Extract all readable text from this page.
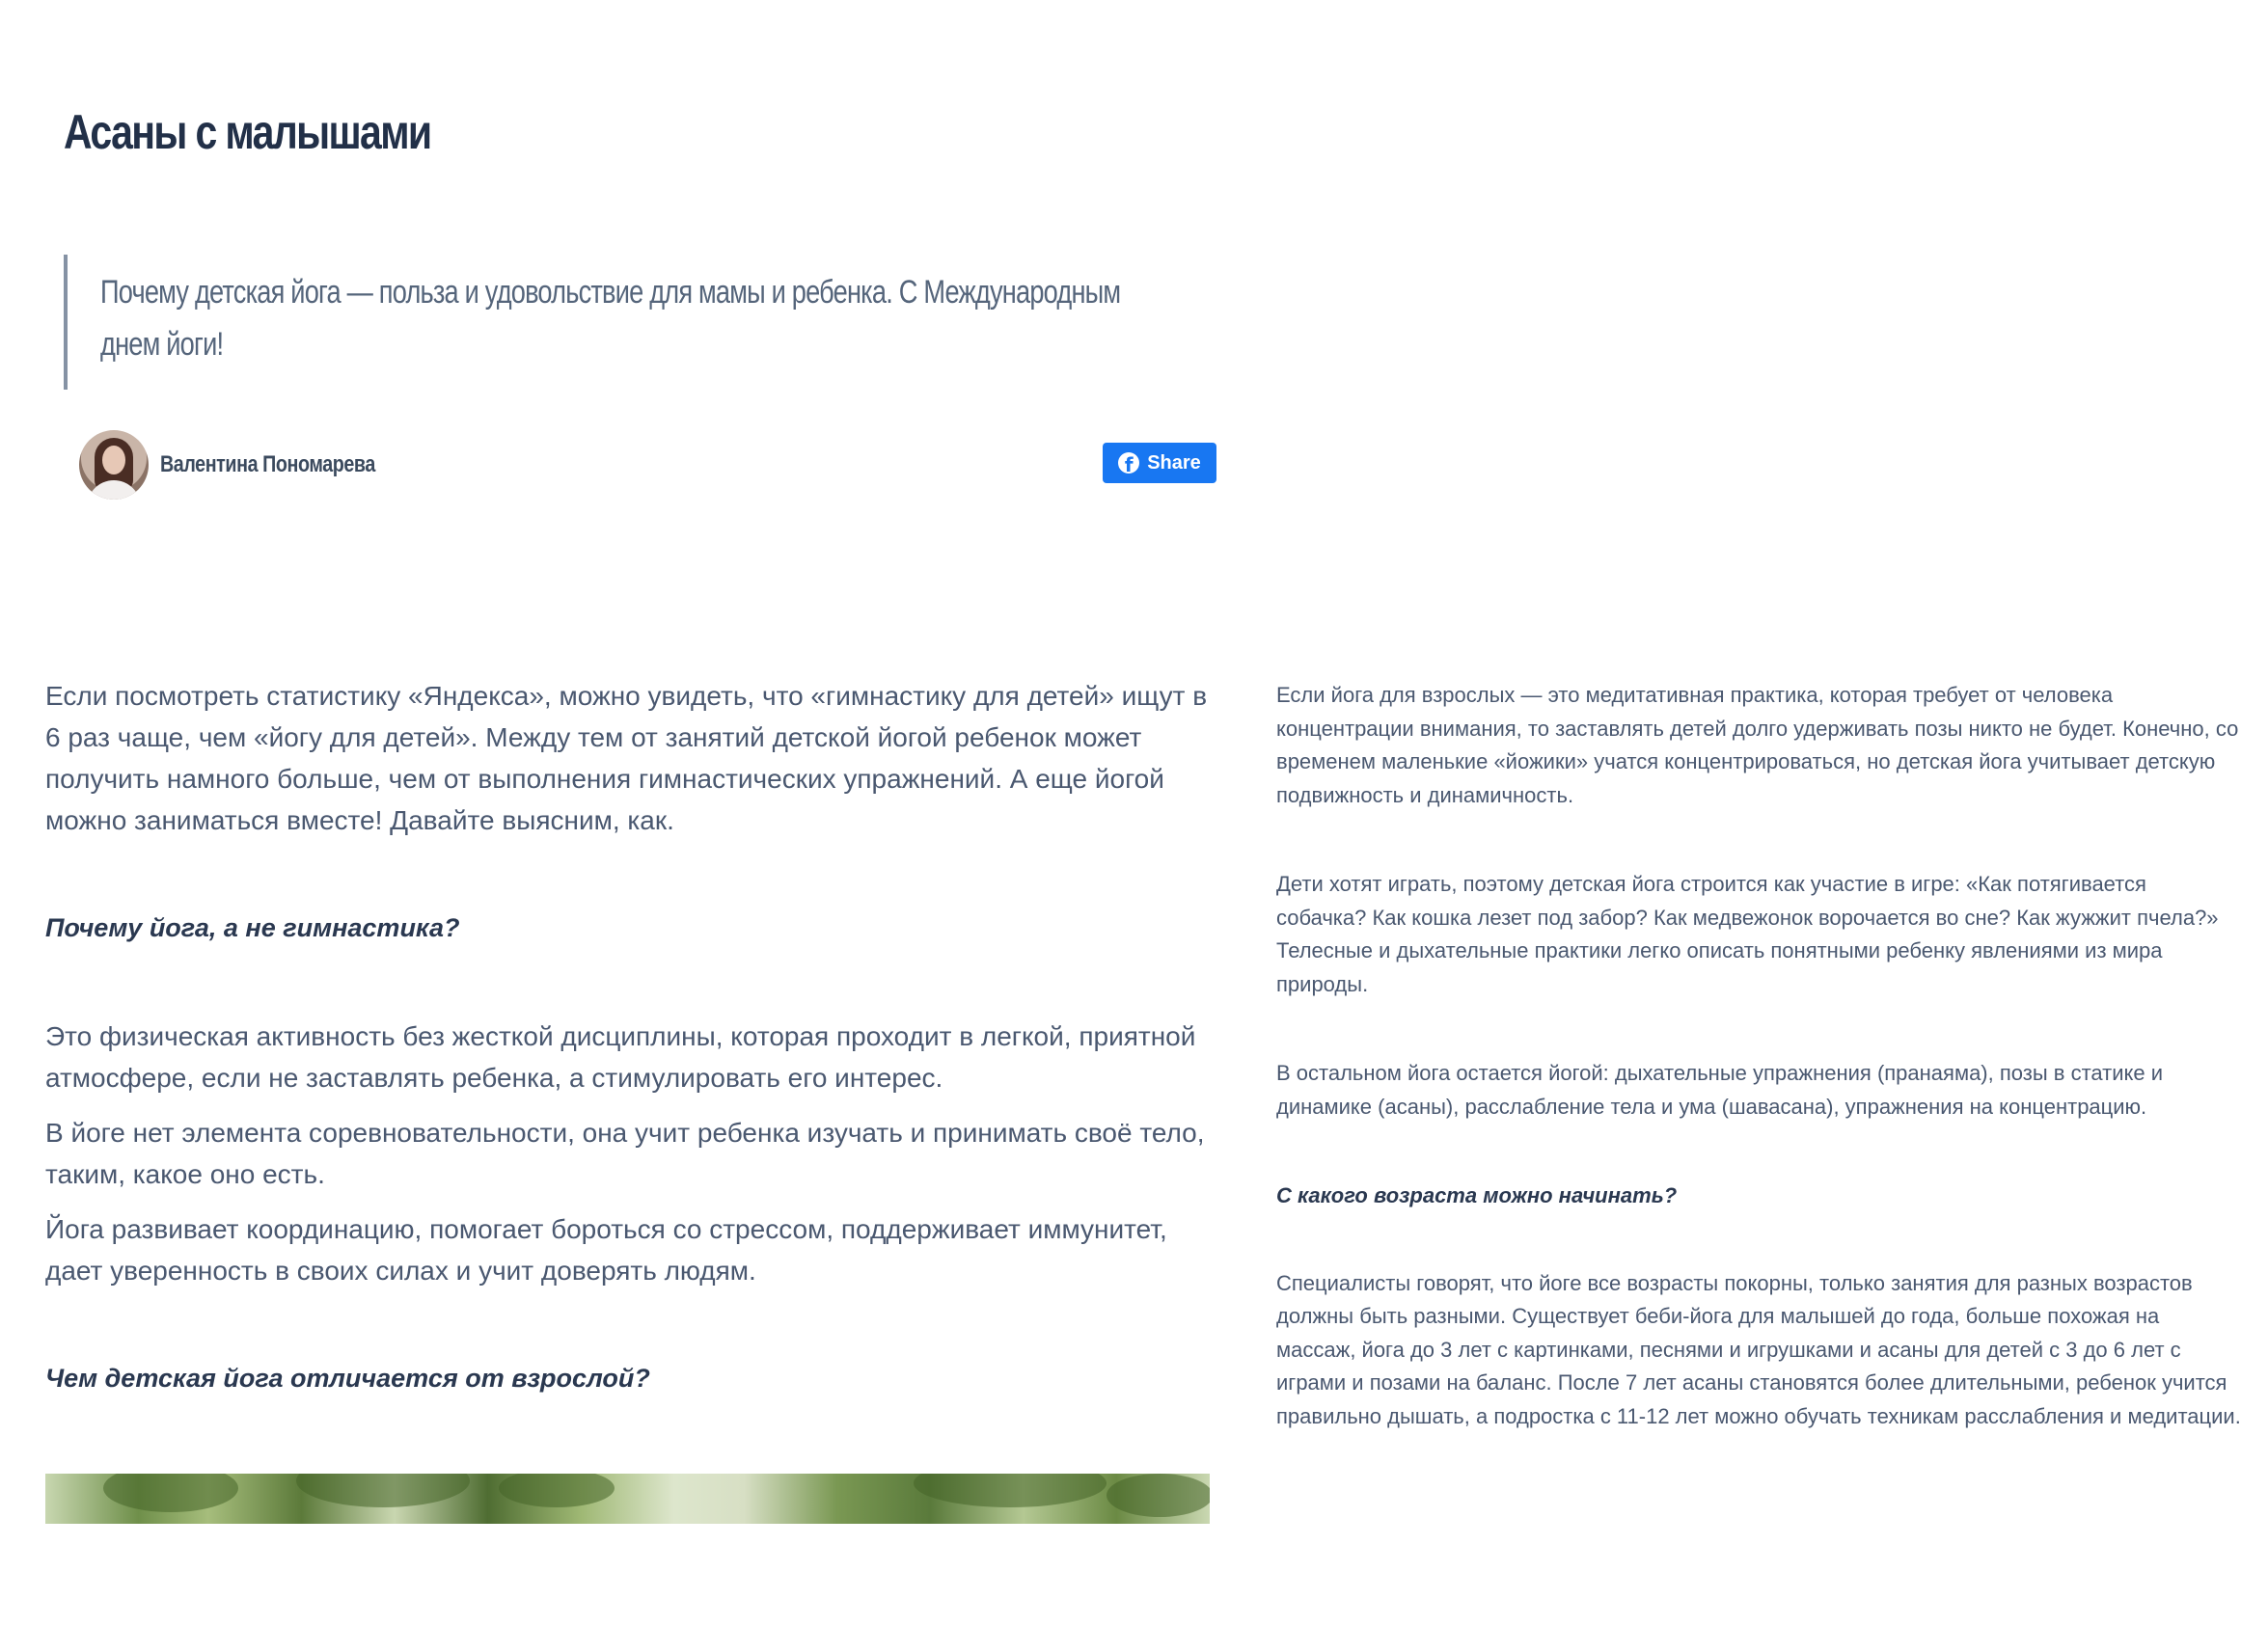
Асаны с малышами

Почему детская йога — польза и удовольствие для мамы и ребенка. С Международным днем йоги!

Валентина Пономарева	f Share

Если посмотреть статистику «Яндекса», можно увидеть, что «гимнастику для детей» ищут в 6 раз чаще, чем «йогу для детей». Между тем от занятий детской йогой ребенок может получить намного больше, чем от выполнения гимнастических упражнений. А еще йогой можно заниматься вместе! Давайте выясним, как.

Почему йога, а не гимнастика?

Это физическая активность без жесткой дисциплины, которая проходит в легкой, приятной атмосфере, если не заставлять ребенка, а стимулировать его интерес.

В йоге нет элемента соревновательности, она учит ребенка изучать и принимать своё тело, таким, какое оно есть.

Йога развивает координацию, помогает бороться со стрессом, поддерживает иммунитет, дает уверенность в своих силах и учит доверять людям.

Чем детская йога отличается от взрослой?

Если йога для взрослых — это медитативная практика, которая требует от человека концентрации внимания, то заставлять детей долго удерживать позы никто не будет. Конечно, со временем маленькие «йожики» учатся концентрироваться, но детская йога учитывает детскую подвижность и динамичность.

Дети хотят играть, поэтому детская йога строится как участие в игре: «Как потягивается собачка? Как кошка лезет под забор? Как медвежонок ворочается во сне? Как жужжит пчела?» Телесные и дыхательные практики легко описать понятными ребенку явлениями из мира природы.

В остальном йога остается йогой: дыхательные упражнения (пранаяма), позы в статике и динамике (асаны), расслабление тела и ума (шавасана), упражнения на концентрацию.

С какого возраста можно начинать?

Специалисты говорят, что йоге все возрасты покорны, только занятия для разных возрастов должны быть разными. Существует беби-йога для малышей до года, больше похожая на массаж, йога до 3 лет с картинками, песнями и игрушками и асаны для детей с 3 до 6 лет с играми и позами на баланс. После 7 лет асаны становятся более длительными, ребенок учится правильно дышать, а подростка с 11-12 лет можно обучать техникам расслабления и медитации.
